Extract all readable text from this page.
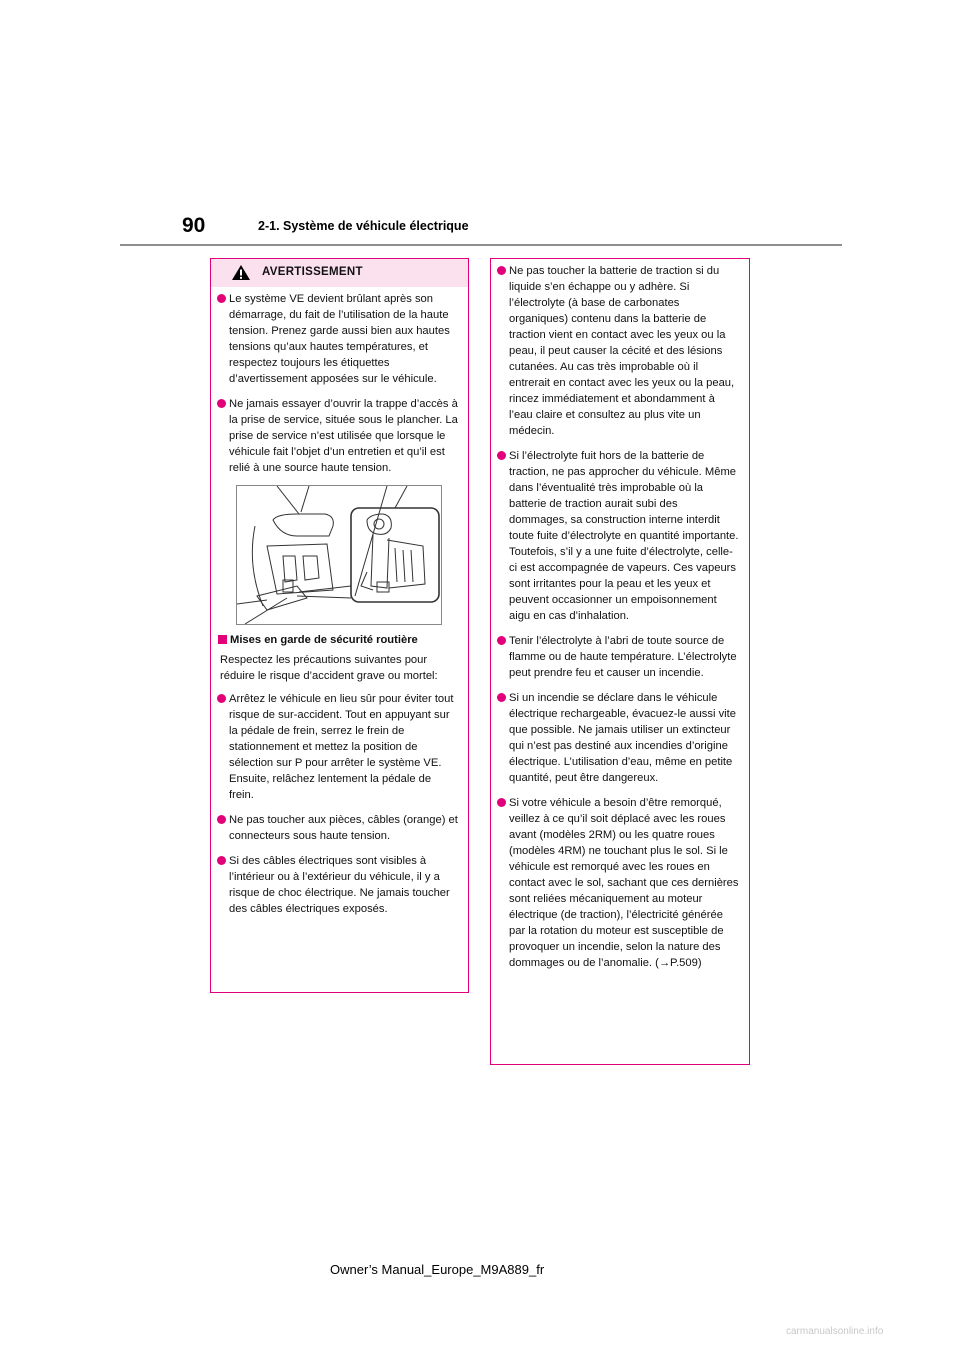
90	2-1. Système de véhicule électrique
AVERTISSEMENT
Le système VE devient brûlant après son démarrage, du fait de l’utilisation de la haute tension. Prenez garde aussi bien aux hautes tensions qu’aux hautes températures, et respectez toujours les étiquettes d’avertissement apposées sur le véhicule.
Ne jamais essayer d’ouvrir la trappe d’accès à la prise de service, située sous le plancher. La prise de service n’est utilisée que lorsque le véhicule fait l’objet d’un entretien et qu’il est relié à une source haute tension.
Mises en garde de sécurité routière
Respectez les précautions suivantes pour réduire le risque d’accident grave ou mortel:
Arrêtez le véhicule en lieu sûr pour éviter tout risque de sur-accident. Tout en appuyant sur la pédale de frein, serrez le frein de stationnement et mettez la position de sélection sur P pour arrêter le système VE. Ensuite, relâchez lentement la pédale de frein.
Ne pas toucher aux pièces, câbles (orange) et connecteurs sous haute tension.
Si des câbles électriques sont visibles à l’intérieur ou à l’extérieur du véhicule, il y a risque de choc électrique. Ne jamais toucher des câbles électriques exposés.
Ne pas toucher la batterie de traction si du liquide s’en échappe ou y adhère. Si l’électrolyte (à base de carbonates organiques) contenu dans la batterie de traction vient en contact avec les yeux ou la peau, il peut causer la cécité et des lésions cutanées. Au cas très improbable où il entrerait en contact avec les yeux ou la peau, rincez immédiatement et abondamment à l’eau claire et consultez au plus vite un médecin.
Si l’électrolyte fuit hors de la batterie de traction, ne pas approcher du véhicule. Même dans l’éventualité très improbable où la batterie de traction aurait subi des dommages, sa construction interne interdit toute fuite d’électrolyte en quantité importante. Toutefois, s’il y a une fuite d’électrolyte, celle-ci est accompagnée de vapeurs. Ces vapeurs sont irritantes pour la peau et les yeux et peuvent occasionner un empoisonnement aigu en cas d’inhalation.
Tenir l’électrolyte à l’abri de toute source de flamme ou de haute température. L’électrolyte peut prendre feu et causer un incendie.
Si un incendie se déclare dans le véhicule électrique rechargeable, évacuez-le aussi vite que possible. Ne jamais utiliser un extincteur qui n’est pas destiné aux incendies d’origine électrique. L’utilisation d’eau, même en petite quantité, peut être dangereux.
Si votre véhicule a besoin d’être remorqué, veillez à ce qu’il soit déplacé avec les roues avant (modèles 2RM) ou les quatre roues (modèles 4RM) ne touchant plus le sol. Si le véhicule est remorqué avec les roues en contact avec le sol, sachant que ces dernières sont reliées mécaniquement au moteur électrique (de traction), l’électricité générée par la rotation du moteur est susceptible de provoquer un incendie, selon la nature des dommages ou de l’anomalie. (→P.509)
Owner’s Manual_Europe_M9A889_fr
carmanualsonline.info
